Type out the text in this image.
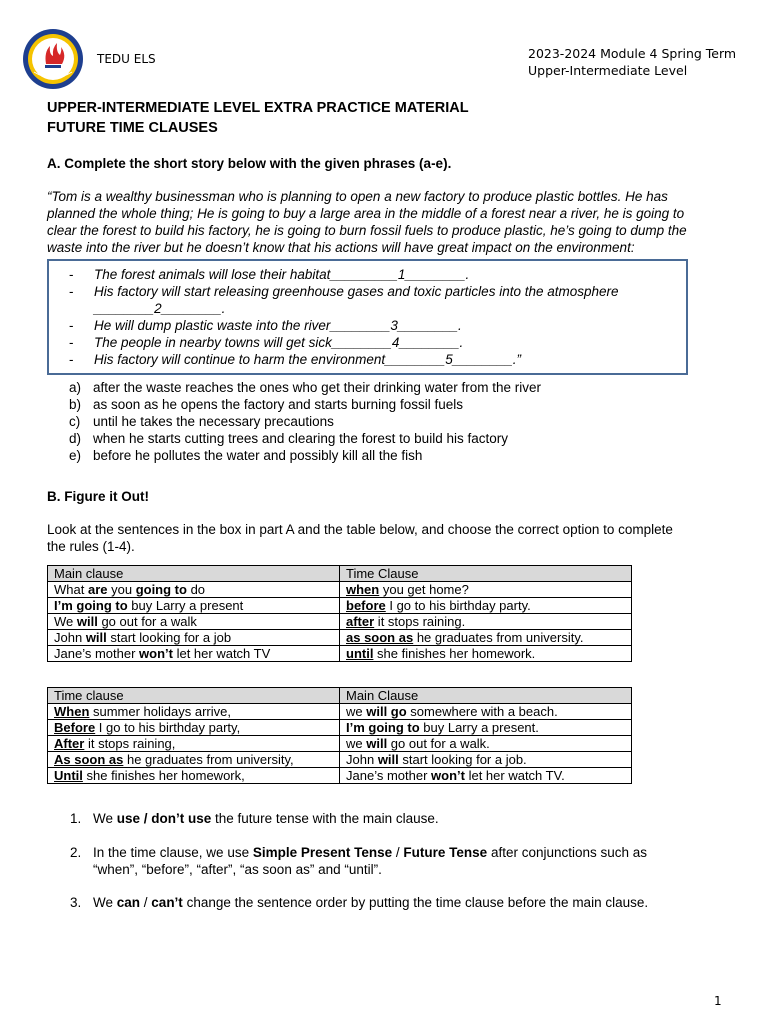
TEDU ELS	2023-2024 Module 4 Spring Term
Upper-Intermediate Level
UPPER-INTERMEDIATE LEVEL EXTRA PRACTICE MATERIAL
FUTURE TIME CLAUSES
A. Complete the short story below with the given phrases (a-e).
“Tom is a wealthy businessman who is planning to open a new factory to produce plastic bottles. He has
planned the whole thing; He is going to buy a large area in the middle of a forest near a river, he is going to
clear the forest to build his factory, he is going to burn fossil fuels to produce plastic, he’s going to dump the
waste into the river but he doesn’t know that his actions will have great impact on the environment:
- The forest animals will lose their habitat_________1________.
- His factory will start releasing greenhouse gases and toxic particles into the atmosphere
________2________.
- He will dump plastic waste into the river________3________.
- The people in nearby towns will get sick________4________.
- His factory will continue to harm the environment________5________.”
a) after the waste reaches the ones who get their drinking water from the river
b) as soon as he opens the factory and starts burning fossil fuels
c) until he takes the necessary precautions
d) when he starts cutting trees and clearing the forest to build his factory
e) before he pollutes the water and possibly kill all the fish
B. Figure it Out!
Look at the sentences in the box in part A and the table below, and choose the correct option to complete
the rules (1-4).
Main clause	Time Clause
What are you going to do	when you get home?
I’m going to buy Larry a present	before I go to his birthday party.
We will go out for a walk	after it stops raining.
John will start looking for a job	as soon as he graduates from university.
Jane’s mother won’t let her watch TV	until she finishes her homework.
Time clause	Main Clause
When summer holidays arrive,	we will go somewhere with a beach.
Before I go to his birthday party,	I’m going to buy Larry a present.
After it stops raining,	we will go out for a walk.
As soon as he graduates from university,	John will start looking for a job.
Until she finishes her homework,	Jane’s mother won’t let her watch TV.
1. We use / don’t use the future tense with the main clause.
2. In the time clause, we use Simple Present Tense / Future Tense after conjunctions such as
“when”, “before”, “after”, “as soon as” and “until”.
3. We can / can’t change the sentence order by putting the time clause before the main clause.
1
